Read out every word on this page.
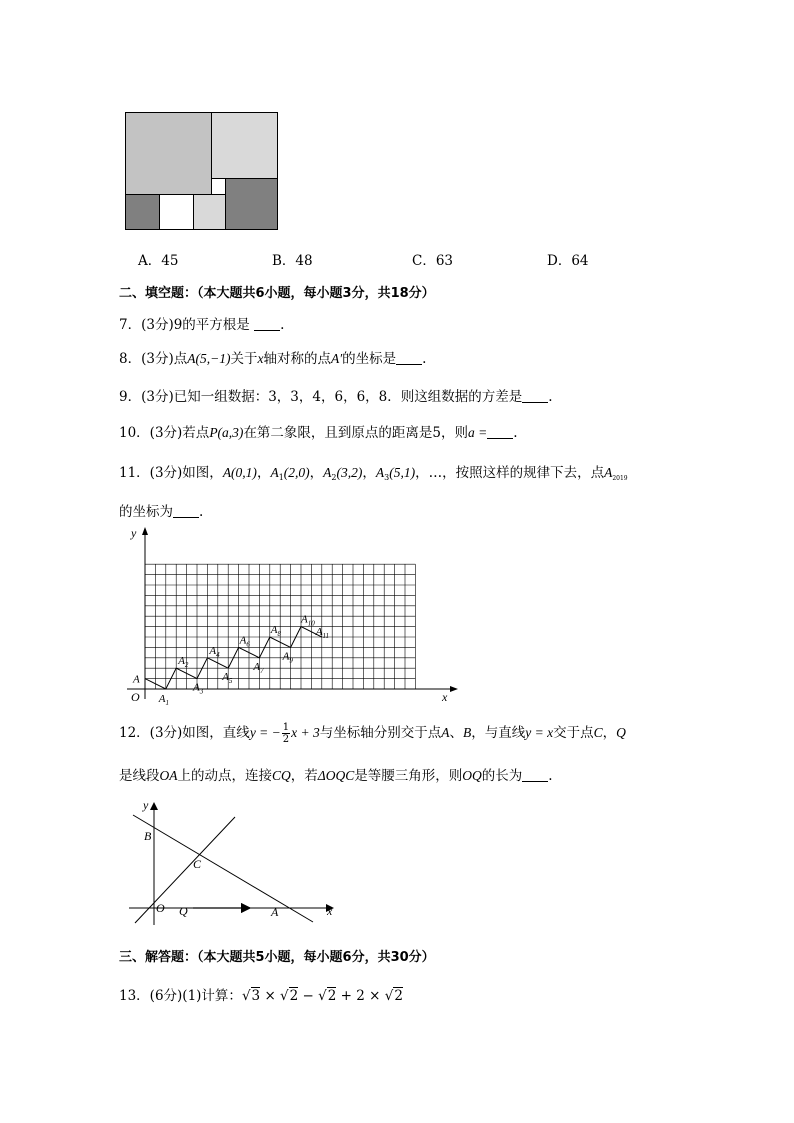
A．45	B．48	C．63	D．64
二、填空题：（本大题共6小题，每小题3分，共18分）
7．(3分)9的平方根是 .
8．(3分)点A(5,−1)关于x轴对称的点A′的坐标是 .
9．(3分)已知一组数据：3，3，4，6，6，8．则这组数据的方差是 .
10．(3分)若点P(a,3)在第二象限，且到原点的距离是5，则a = .
11．(3分)如图，A(0,1)，$A_1(2,0)$，$A_2(3,2)$，$A_3(5,1)$，…，按照这样的规律下去，点$A_{2019}$
的坐标为 .
y
x
O
A
$A_1$
$A_2$
$A_3$
$A_4$
$A_5$
$A_6$
$A_7$
$A_8$
$A_9$
$A_{10}$
$A_{11}$
12．(3分)如图，直线y = − $\frac{1}{2}$ x + 3与坐标轴分别交于点A、B，与直线y = x交于点C，Q
是线段OA上的动点，连接CQ，若ΔOQC是等腰三角形，则OQ的长为 .
y
x
O
B
C
Q	A
三、解答题：（本大题共5小题，每小题6分，共30分）
13．(6分)(1)计算：√3 × √2 − √2 + 2 × √2
